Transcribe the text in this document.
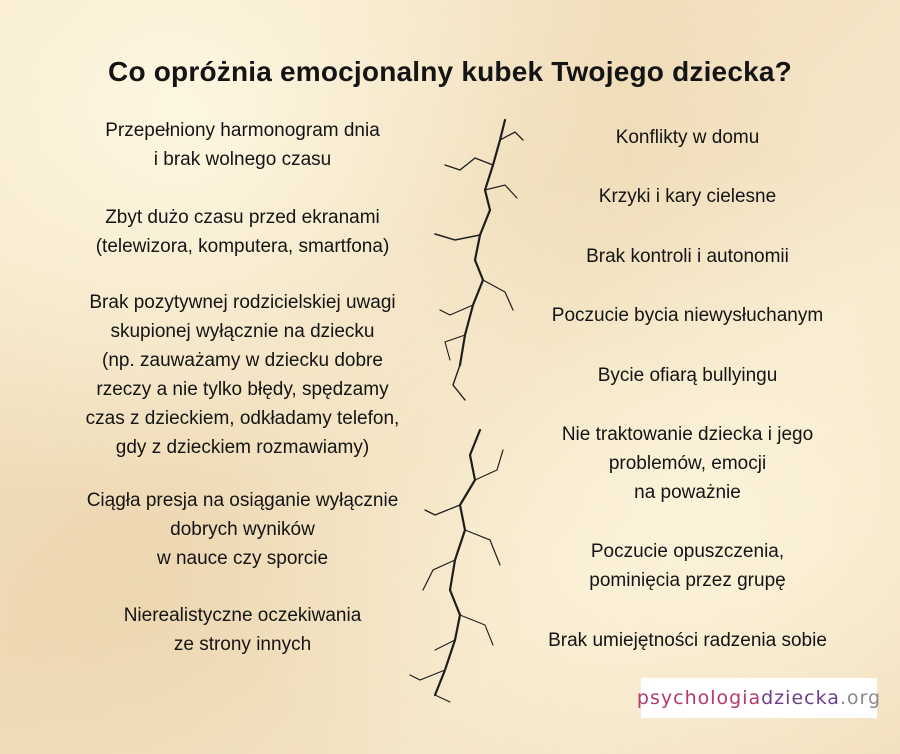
Co opróżnia emocjonalny kubek Twojego dziecka?
Przepełniony harmonogram dnia
i brak wolnego czasu
Zbyt dużo czasu przed ekranami
(telewizora, komputera, smartfona)
Brak pozytywnej rodzicielskiej uwagi
skupionej wyłącznie na dziecku
(np. zauważamy w dziecku dobre
rzeczy a nie tylko błędy, spędzamy
czas z dzieckiem, odkładamy telefon,
gdy z dzieckiem rozmawiamy)
Ciągła presja na osiąganie wyłącznie
dobrych wyników
w nauce czy sporcie
Nierealistyczne oczekiwania
ze strony innych
Konflikty w domu
Krzyki i kary cielesne
Brak kontroli i autonomii
Poczucie bycia niewysłuchanym
Bycie ofiarą bullyingu
Nie traktowanie dziecka i jego
problemów, emocji
na poważnie
Poczucie opuszczenia,
pominięcia przez grupę
Brak umiejętności radzenia sobie
psychologia dziecka .org
